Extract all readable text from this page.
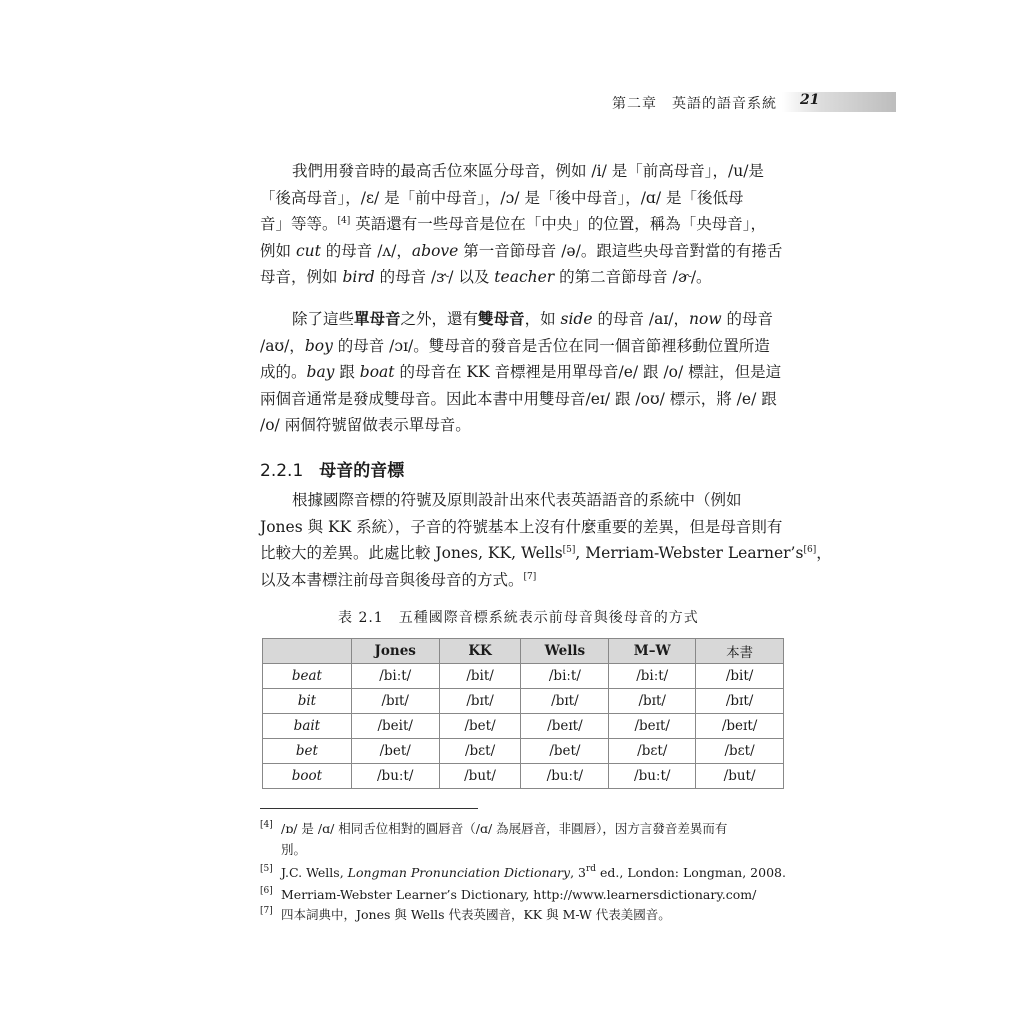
第二章　英語的語音系統 21
我們用發音時的最高舌位來區分母音，例如 /i/ 是「前高母音」，/u/是
「後高母音」，/ɛ/ 是「前中母音」，/ɔ/ 是「後中母音」，/ɑ/ 是「後低母
音」等等。[4] 英語還有一些母音是位在「中央」的位置，稱為「央母音」，
例如 cut 的母音 /ʌ/，above 第一音節母音 /ə/。跟這些央母音對當的有捲舌
母音，例如 bird 的母音 /ɝ/ 以及 teacher 的第二音節母音 /ɚ/。
除了這些單母音之外，還有雙母音，如 side 的母音 /aɪ/，now 的母音
/aʊ/，boy 的母音 /ɔɪ/。雙母音的發音是舌位在同一個音節裡移動位置所造
成的。bay 跟 boat 的母音在 KK 音標裡是用單母音/e/ 跟 /o/ 標註，但是這
兩個音通常是發成雙母音。因此本書中用雙母音/eɪ/ 跟 /oʊ/ 標示，將 /e/ 跟
/o/ 兩個符號留做表示單母音。
2.2.1 母音的音標
根據國際音標的符號及原則設計出來代表英語語音的系統中（例如
Jones 與 KK 系統），子音的符號基本上沒有什麼重要的差異，但是母音則有
比較大的差異。此處比較 Jones, KK, Wells[5], Merriam-Webster Learner’s[6]，
以及本書標注前母音與後母音的方式。[7]
表 2.1　五種國際音標系統表示前母音與後母音的方式
	Jones	KK	Wells	M–W	本書
beat	/biːt/	/bit/	/biːt/	/biːt/	/bit/
bit	/bɪt/	/bɪt/	/bɪt/	/bɪt/	/bɪt/
bait	/beit/	/bet/	/beɪt/	/beɪt/	/beɪt/
bet	/bet/	/bɛt/	/bet/	/bɛt/	/bɛt/
boot	/buːt/	/but/	/buːt/	/buːt/	/but/
[4] /ɒ/ 是 /ɑ/ 相同舌位相對的圓唇音（/ɑ/ 為展唇音，非圓唇），因方言發音差異而有
別。
[5] J.C. Wells, Longman Pronunciation Dictionary, 3rd ed., London: Longman, 2008.
[6] Merriam-Webster Learner’s Dictionary, http://www.learnersdictionary.com/
[7] 四本詞典中，Jones 與 Wells 代表英國音，KK 與 M-W 代表美國音。
